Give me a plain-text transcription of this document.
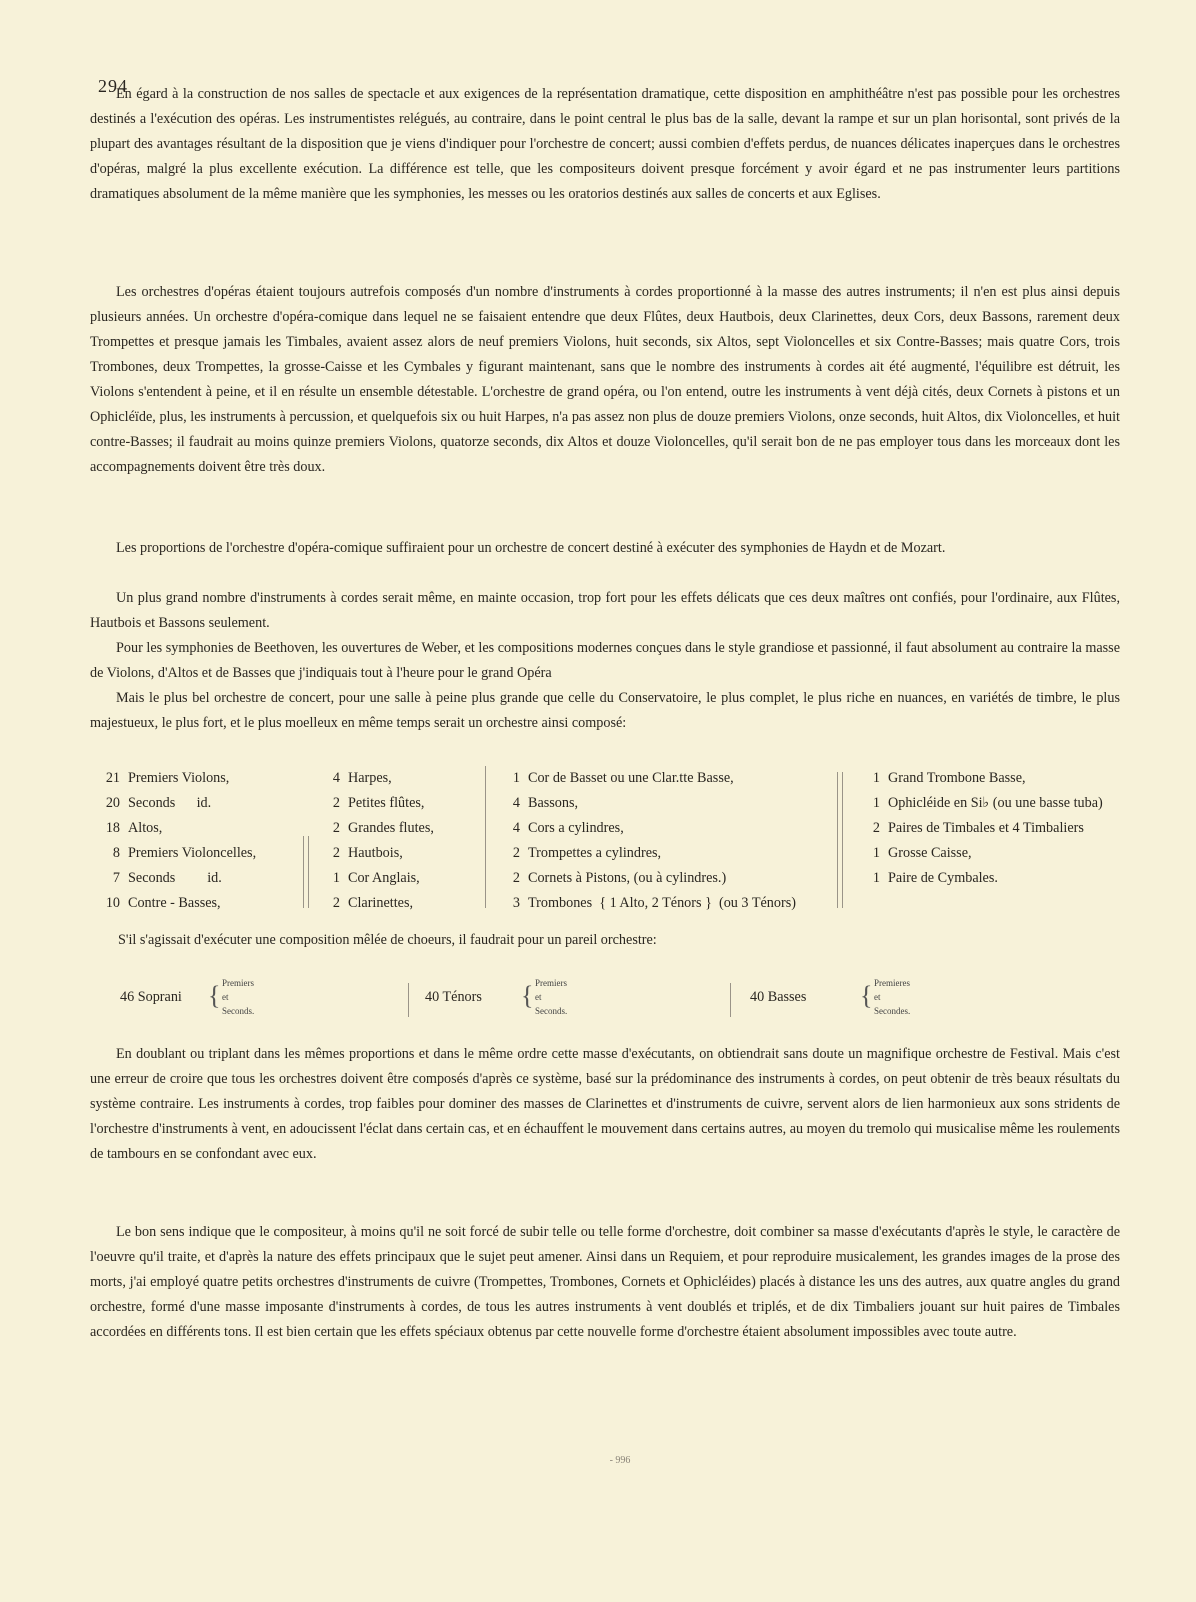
294

En égard à la construction de nos salles de spectacle et aux exigences de la représentation dramatique, cette disposition en amphithéâtre n'est pas possible pour les orchestres destinés a l'exécution des opéras. Les instrumentistes relégués, au contraire, dans le point central le plus bas de la salle, devant la rampe et sur un plan horisontal, sont privés de la plupart des avantages résultant de la disposition que je viens d'indiquer pour l'orchestre de concert; aussi combien d'effets perdus, de nuances délicates inaperçues dans le orchestres d'opéras, malgré la plus excellente exécution. La différence est telle, que les compositeurs doivent presque forcément y avoir égard et ne pas instrumenter leurs partitions dramatiques absolument de la même manière que les symphonies, les messes ou les oratorios destinés aux salles de concerts et aux Eglises.

Les orchestres d'opéras étaient toujours autrefois composés d'un nombre d'instruments à cordes proportionné à la masse des autres instruments; il n'en est plus ainsi depuis plusieurs années. Un orchestre d'opéra-comique dans lequel ne se faisaient entendre que deux Flûtes, deux Hautbois, deux Clarinettes, deux Cors, deux Bassons, rarement deux Trompettes et presque jamais les Timbales, avaient assez alors de neuf premiers Violons, huit seconds, six Altos, sept Violoncelles et six Contre-Basses; mais quatre Cors, trois Trombones, deux Trompettes, la grosse-Caisse et les Cymbales y figurant maintenant, sans que le nombre des instruments à cordes ait été augmenté, l'équilibre est détruit, les Violons s'entendent à peine, et il en résulte un ensemble détestable. L'orchestre de grand opéra, ou l'on entend, outre les instruments à vent déjà cités, deux Cornets à pistons et un Ophicléïde, plus, les instruments à percussion, et quelquefois six ou huit Harpes, n'a pas assez non plus de douze premiers Violons, onze seconds, huit Altos, dix Violoncelles, et huit contre-Basses; il faudrait au moins quinze premiers Violons, quatorze seconds, dix Altos et douze Violoncelles, qu'il serait bon de ne pas employer tous dans les morceaux dont les accompagnements doivent être très doux.

Les proportions de l'orchestre d'opéra-comique suffiraient pour un orchestre de concert destiné à exécuter des symphonies de Haydn et de Mozart.

Un plus grand nombre d'instruments à cordes serait même, en mainte occasion, trop fort pour les effets délicats que ces deux maîtres ont confiés, pour l'ordinaire, aux Flûtes, Hautbois et Bassons seulement.

Pour les symphonies de Beethoven, les ouvertures de Weber, et les compositions modernes conçues dans le style grandiose et passionné, il faut absolument au contraire la masse de Violons, d'Altos et de Basses que j'indiquais tout à l'heure pour le grand Opéra

Mais le plus bel orchestre de concert, pour une salle à peine plus grande que celle du Conservatoire, le plus complet, le plus riche en nuances, en variétés de timbre, le plus majestueux, le plus fort, et le plus moelleux en même temps serait un orchestre ainsi composé:

21 Premiers Violons,
20 Seconds      id.
18 Altos,
8 Premiers Violoncelles,
7 Seconds         id.
10 Contre - Basses,
4 Harpes,
2 Petites flûtes,
2 Grandes flutes,
2 Hautbois,
1 Cor Anglais,
2 Clarinettes,
1 Cor de Basset ou une Clar.tte Basse,
4 Bassons,
4 Cors a cylindres,
2 Trompettes a cylindres,
2 Cornets à Pistons, (ou à cylindres.)
3 Trombones  { 1 Alto, 2 Ténors }  (ou 3 Ténors)
1 Grand Trombone Basse,
1 Ophicléide en Si♭ (ou une basse tuba)
2 Paires de Timbales et 4 Timbaliers
1 Grosse Caisse,
1 Paire de Cymbales.
S'il s'agissait d'exécuter une composition mêlée de choeurs, il faudrait pour un pareil orchestre:
46 Soprani { Premiers
et
Seconds.
40 Ténors { Premiers
et
Seconds.
40 Basses { Premieres
et
Secondes.

En doublant ou triplant dans les mêmes proportions et dans le même ordre cette masse d'exécutants, on obtiendrait sans doute un magnifique orchestre de Festival. Mais c'est une erreur de croire que tous les orchestres doivent être composés d'après ce système, basé sur la prédominance des instruments à cordes, on peut obtenir de très beaux résultats du système contraire. Les instruments à cordes, trop faibles pour dominer des masses de Clarinettes et d'instruments de cuivre, servent alors de lien harmonieux aux sons stridents de l'orchestre d'instruments à vent, en adoucissent l'éclat dans certain cas, et en échauffent le mouvement dans certains autres, au moyen du tremolo qui musicalise même les roulements de tambours en se confondant avec eux.

Le bon sens indique que le compositeur, à moins qu'il ne soit forcé de subir telle ou telle forme d'orchestre, doit combiner sa masse d'exécutants d'après le style, le caractère de l'oeuvre qu'il traite, et d'après la nature des effets principaux que le sujet peut amener. Ainsi dans un Requiem, et pour reproduire musicalement, les grandes images de la prose des morts, j'ai employé quatre petits orchestres d'instruments de cuivre (Trompettes, Trombones, Cornets et Ophicléides) placés à distance les uns des autres, aux quatre angles du grand orchestre, formé d'une masse imposante d'instruments à cordes, de tous les autres instruments à vent doublés et triplés, et de dix Timbaliers jouant sur huit paires de Timbales accordées en différents tons. Il est bien certain que les effets spéciaux obtenus par cette nouvelle forme d'orchestre étaient absolument impossibles avec toute autre.

- 996
